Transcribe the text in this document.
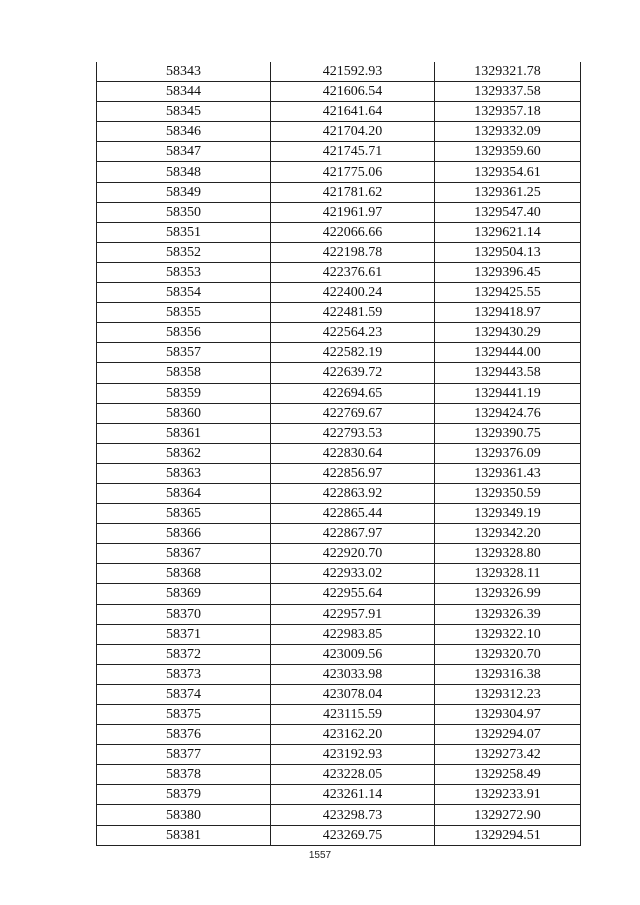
58343	421592.93	1329321.78
58344	421606.54	1329337.58
58345	421641.64	1329357.18
58346	421704.20	1329332.09
58347	421745.71	1329359.60
58348	421775.06	1329354.61
58349	421781.62	1329361.25
58350	421961.97	1329547.40
58351	422066.66	1329621.14
58352	422198.78	1329504.13
58353	422376.61	1329396.45
58354	422400.24	1329425.55
58355	422481.59	1329418.97
58356	422564.23	1329430.29
58357	422582.19	1329444.00
58358	422639.72	1329443.58
58359	422694.65	1329441.19
58360	422769.67	1329424.76
58361	422793.53	1329390.75
58362	422830.64	1329376.09
58363	422856.97	1329361.43
58364	422863.92	1329350.59
58365	422865.44	1329349.19
58366	422867.97	1329342.20
58367	422920.70	1329328.80
58368	422933.02	1329328.11
58369	422955.64	1329326.99
58370	422957.91	1329326.39
58371	422983.85	1329322.10
58372	423009.56	1329320.70
58373	423033.98	1329316.38
58374	423078.04	1329312.23
58375	423115.59	1329304.97
58376	423162.20	1329294.07
58377	423192.93	1329273.42
58378	423228.05	1329258.49
58379	423261.14	1329233.91
58380	423298.73	1329272.90
58381	423269.75	1329294.51
1557
